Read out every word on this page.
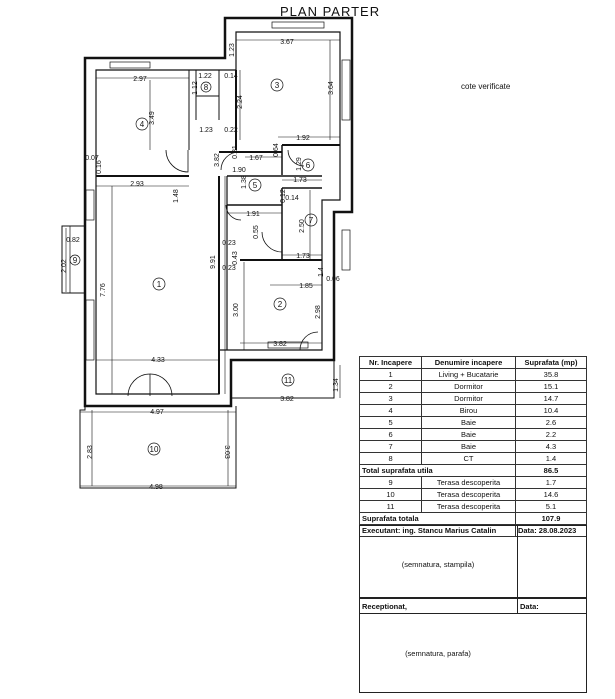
PLAN PARTER
cote verificate
1
2
3
4
5
6
7
8
9
10
11
3.67
1.23
2.97	1.22 0.14
1.12
3.49
2.24
3.64
1.23 0.22
0.81
1.92
0.64
1.67
3.82
0.07
0.16
2.93
1.90
1.38	1.73
1.29
0.12
1.48
1.91
0.14
0.55
0.23
0.43
0.23
9.91
2.50
0.82
2.02
7.76
1.73
0.06
1.85
1.4
3.00	2.98
4.33
3.82
1.34
4.97
3.82
2.83	3.03
4.98
Nr. Incapere	Denumire incapere	Suprafata (mp)
1	Living + Bucatarie	35.8
2	Dormitor	15.1
3	Dormitor	14.7
4	Birou	10.4
5	Baie	2.6
6	Baie	2.2
7	Baie	4.3
8	CT	1.4
Total suprafata utila		86.5
9	Terasa descoperita	1.7
10	Terasa descoperita	14.6
11	Terasa descoperita	5.1
Suprafata totala		107.9
Executant: ing. Stancu Marius Catalin		Data: 28.08.2023
(semnatura, stampila)
Receptionat,	Data:
(semnatura, parafa)
